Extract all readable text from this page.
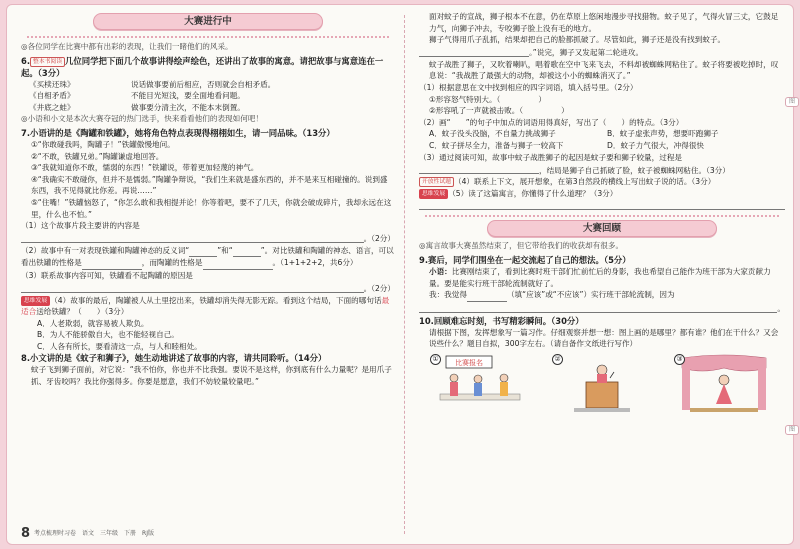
图
图
大赛进行中
◎各位同学在比赛中都有出彩的表现，让我们一睹他们的风采。
6. 整本书阅读 几位同学把下面几个故事讲得绘声绘色，还讲出了故事的寓意。请把故事与寓意连在一起。（3分）
《买椟还珠》	说话做事要前后相应，否则就会自相矛盾。
《自相矛盾》	不能目光短浅，要全面地看问题。
《井底之蛙》	做事要分清主次，不能本末倒置。
◎小语和小文是本次大赛夺冠的热门选手，快来看看他们的表现如何吧！
7.小语讲的是《陶罐和铁罐》，她将角色特点表现得栩栩如生，请一同品味。（13分）
①“你敢碰我吗，陶罐子！”铁罐傲慢地问。
②“不敢，铁罐兄弟。”陶罐谦虚地回答。
③“我就知道你不敢，懦弱的东西！”铁罐说，带着更加轻蔑的神气。
④“我确实不敢碰你，但并不是懦弱。”陶罐争辩说，“我们生来就是盛东西的，并不是来互相碰撞的。说到盛东西，我不见得就比你差。再说……”
⑤“住嘴！”铁罐恼怒了，“你怎么敢和我相提并论！你等着吧，要不了几天，你就会破成碎片，我却永远在这里，什么也不怕。”
（1）这个故事片段主要讲的内容是
。（2分）
（2）故事中有一对表现铁罐和陶罐神态的反义词“	”和“	”。对比铁罐和陶罐的神态、语言，可以看出铁罐的性格是	，而陶罐的性格是	。（1+1+2+2，共6分）
（3）联系故事内容可知，铁罐看不起陶罐的原因是
。（2分）
思维发展 （4）故事的最后，陶罐被人从土里挖出来，铁罐却消失得无影无踪。看到这个结局，下面的哪句话最适合送给铁罐？（　　）（3分）
A．人老欺弱，就容易被人欺负。
B．为人不能骄傲自大，也不能轻视自己。
C．人各有所长，要看清这一点，与人和睦相处。
8.小文讲的是《蚊子和狮子》，她生动地讲述了故事的内容，请共同聆听。（14分）
蚊子飞到狮子面前，对它说：“我不怕你，你也并不比我强。要说不是这样，你到底有什么力量呢？是用爪子抓、牙齿咬吗？我比你强得多。你要是愿意，我们不妨较量较量吧。”
8 考点梳理时习卷　语文　三年级　下册　RJ版
面对蚊子的宣战，狮子根本不在意，仍在草原上悠闲地漫步寻找猎物。蚊子见了，气得火冒三丈，它鼓足力气，向狮子冲去，专咬狮子脸上没有毛的地方。
狮子气得用爪子乱抓，结果却把自己的脸都抓破了。尽管如此，狮子还是没有找到蚊子。
。”说完，狮子又发起第二轮进攻。
蚊子战胜了狮子，又吹着喇叭，唱着歌在空中飞来飞去，不料却被蜘蛛网粘住了。蚊子将要被吃掉时，叹息说：“我战胜了最强大的动物，却被这小小的蜘蛛消灭了。”
（1）根据意思在文中找到相应的四字词语，填入括号里。（2分）
①形容怒气特别大。（　　　　　）
②形容吼了一声就被击败。（　　　　　）
（2）画“　　”的句子中加点的词语用得真好，写出了（　　）的特点。（3分）
A．蚊子没头没脑，不自量力挑战狮子	B．蚊子虚张声势，想要吓跑狮子
C．蚊子拼尽全力，准备与狮子一较高下	D．蚊子力气很大，冲得很快
（3）通过阅读可知，故事中蚊子战胜狮子的起因是蚊子要和狮子较量，过程是
，结局是狮子自己抓破了脸，蚊子被蜘蛛网粘住。（3分）
开放性试题 （4）联系上下文，展开想象，在第3自然段的横线上写出蚊子说的话。（3分）
思维发展 （5）读了这篇寓言，你懂得了什么道理？（3分）
大赛回顾
◎寓言故事大赛虽然结束了，但它带给我们的收获却有很多。
9.赛后，同学们围坐在一起交流起了自己的想法。（5分）
小语：比赛刚结束了，看到比赛时班干部们忙前忙后的身影，我也希望自己能作为班干部为大家贡献力量。要是能实行班干部轮流制就好了。
我：我觉得	（填“应该”或“不应该”）实行班干部轮流制，因为
。
10.回顾难忘时刻，书写精彩瞬间。（30分）
请根据下图，发挥想象写一篇习作。仔细观察并想一想：图上画的是哪里？都有谁？他们在干什么？又会说些什么？题目自拟，300字左右。（请自备作文纸进行写作）
①	比赛报名	②	③
